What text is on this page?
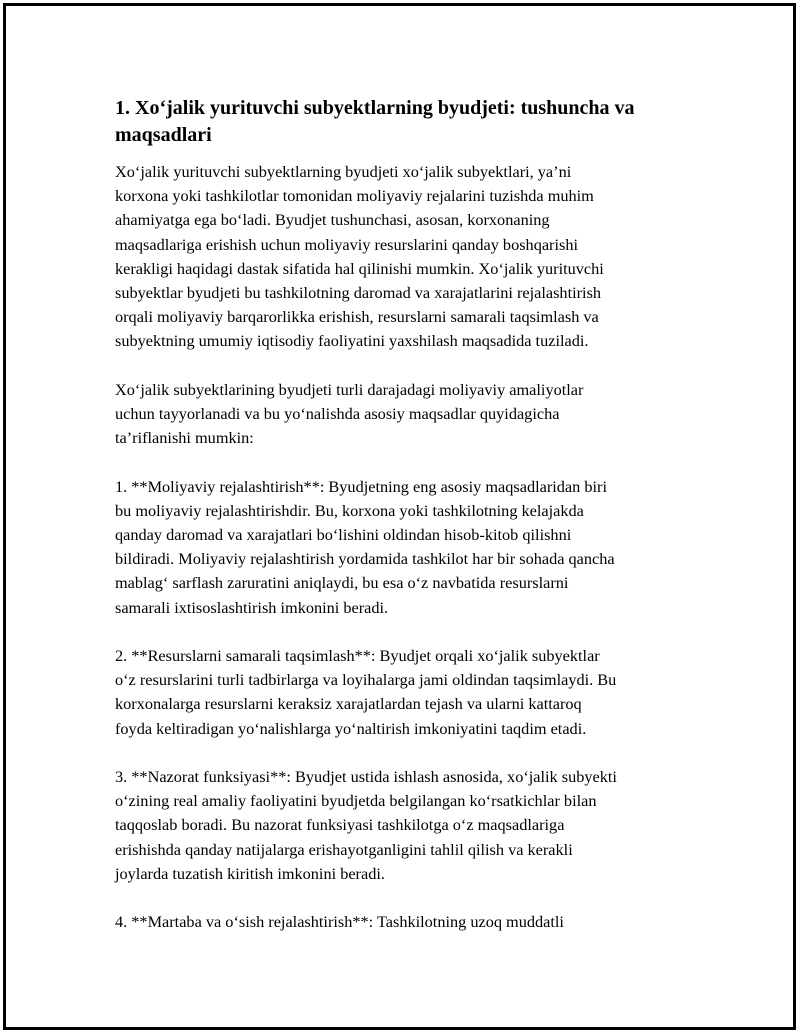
1. Xo‘jalik yurituvchi subyektlarning byudjeti: tushuncha va
maqsadlari
Xo‘jalik yurituvchi subyektlarning byudjeti xo‘jalik subyektlari, ya’ni
korxona yoki tashkilotlar tomonidan moliyaviy rejalarini tuzishda muhim
ahamiyatga ega bo‘ladi. Byudjet tushunchasi, asosan, korxonaning
maqsadlariga erishish uchun moliyaviy resurslarini qanday boshqarishi
kerakligi haqidagi dastak sifatida hal qilinishi mumkin. Xo‘jalik yurituvchi
subyektlar byudjeti bu tashkilotning daromad va xarajatlarini rejalashtirish
orqali moliyaviy barqarorlikka erishish, resurslarni samarali taqsimlash va
subyektning umumiy iqtisodiy faoliyatini yaxshilash maqsadida tuziladi.
Xo‘jalik subyektlarining byudjeti turli darajadagi moliyaviy amaliyotlar
uchun tayyorlanadi va bu yo‘nalishda asosiy maqsadlar quyidagicha
ta’riflanishi mumkin:
1. **Moliyaviy rejalashtirish**: Byudjetning eng asosiy maqsadlaridan biri
bu moliyaviy rejalashtirishdir. Bu, korxona yoki tashkilotning kelajakda
qanday daromad va xarajatlari bo‘lishini oldindan hisob-kitob qilishni
bildiradi. Moliyaviy rejalashtirish yordamida tashkilot har bir sohada qancha
mablag‘ sarflash zaruratini aniqlaydi, bu esa o‘z navbatida resurslarni
samarali ixtisoslashtirish imkonini beradi.
2. **Resurslarni samarali taqsimlash**: Byudjet orqali xo‘jalik subyektlar
o‘z resurslarini turli tadbirlarga va loyihalarga jami oldindan taqsimlaydi. Bu
korxonalarga resurslarni keraksiz xarajatlardan tejash va ularni kattaroq
foyda keltiradigan yo‘nalishlarga yo‘naltirish imkoniyatini taqdim etadi.
3. **Nazorat funksiyasi**: Byudjet ustida ishlash asnosida, xo‘jalik subyekti
o‘zining real amaliy faoliyatini byudjetda belgilangan ko‘rsatkichlar bilan
taqqoslab boradi. Bu nazorat funksiyasi tashkilotga o‘z maqsadlariga
erishishda qanday natijalarga erishayotganligini tahlil qilish va kerakli
joylarda tuzatish kiritish imkonini beradi.
4. **Martaba va o‘sish rejalashtirish**: Tashkilotning uzoq muddatli
